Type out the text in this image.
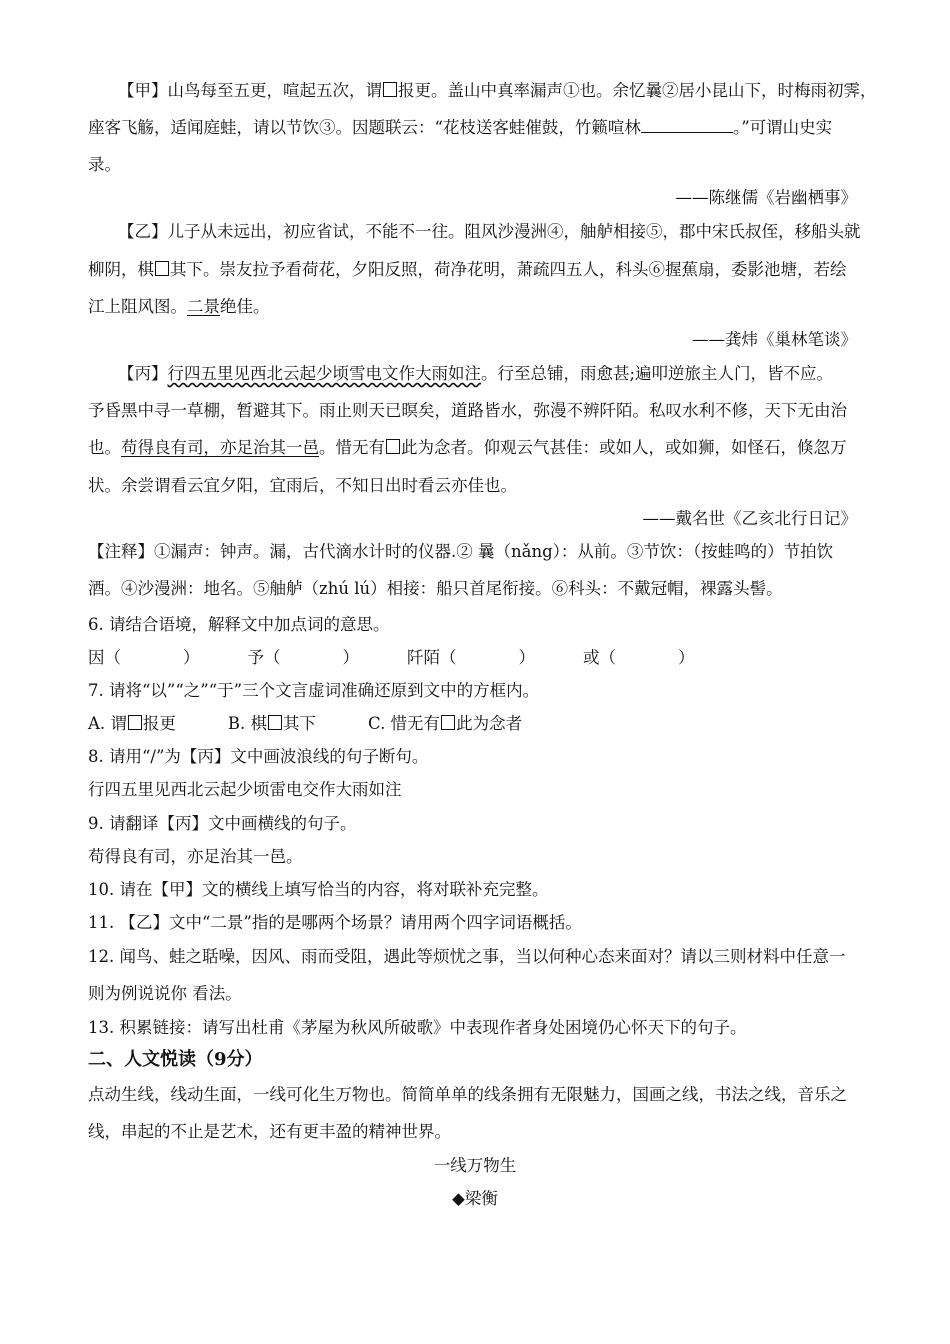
【甲】山鸟每至五更，喧起五次，谓 报更。盖山中真率漏声①也。余忆曩②居小昆山下，时梅雨初霁，
座客飞觞，适闻庭蛙，请以节饮③。因题联云：“花枝送客蛙催鼓，竹籁喧林	。”可谓山史实
录。
——陈继儒《岩幽栖事》
【乙】儿子从未远出，初应省试，不能不一往。阻风沙漫洲④，舳舻相接⑤，郡中宋氏叔侄，移船头就
柳阴，棋 其下。崇友拉予看荷花，夕阳反照，荷净花明，萧疏四五人，科头⑥握蕉扇，委影池塘，若绘
江上阻风图。二景绝佳。
——龚炜《巢林笔谈》
【丙】行四五里见西北云起少顷雪电文作大雨如注。行至总铺，雨愈甚;遍叩逆旅主人门，皆不应。
予昏黑中寻一草棚，暂避其下。雨止则天已暝矣，道路皆水，弥漫不辨阡陌。私叹水利不修，天下无由治
也。苟得良有司，亦足治其一邑。惜无有 此为念者。仰观云气甚佳：或如人，或如狮，如怪石，倏忽万
状。余尝谓看云宜夕阳，宜雨后，不知日出时看云亦佳也。
——戴名世《乙亥北行日记》
【注释】①漏声：钟声。漏，古代滴水计时的仪器.② 曩（nǎng）：从前。③节饮：（按蛙鸣的）节拍饮
酒。④沙漫洲：地名。⑤舳舻（zhú lú）相接：船只首尾衔接。⑥科头：不戴冠帽，裸露头髻。
6. 请结合语境，解释文中加点词的意思。
因（	）	予（	）	阡陌（	）	或（	）
7. 请将“以”“之”“于”三个文言虚词准确还原到文中的方框内。
A. 谓 报更	B. 棋 其下	C. 惜无有 此为念者
8. 请用“/”为【丙】文中画波浪线的句子断句。
行四五里见西北云起少顷雷电交作大雨如注
9. 请翻译【丙】文中画横线的句子。
苟得良有司，亦足治其一邑。
10. 请在【甲】文的横线上填写恰当的内容，将对联补充完整。
11. 【乙】文中“二景”指的是哪两个场景？请用两个四字词语概括。
12. 闻鸟、蛙之聒噪，因风、雨而受阻，遇此等烦忧之事，当以何种心态来面对？请以三则材料中任意一
则为例说说你 看法。
13. 积累链接：请写出杜甫《茅屋为秋风所破歌》中表现作者身处困境仍心怀天下的句子。
二、人文悦读（9分）
点动生线，线动生面，一线可化生万物也。简简单单的线条拥有无限魅力，国画之线，书法之线，音乐之
线，串起的不止是艺术，还有更丰盈的精神世界。
一线万物生
◆梁衡
